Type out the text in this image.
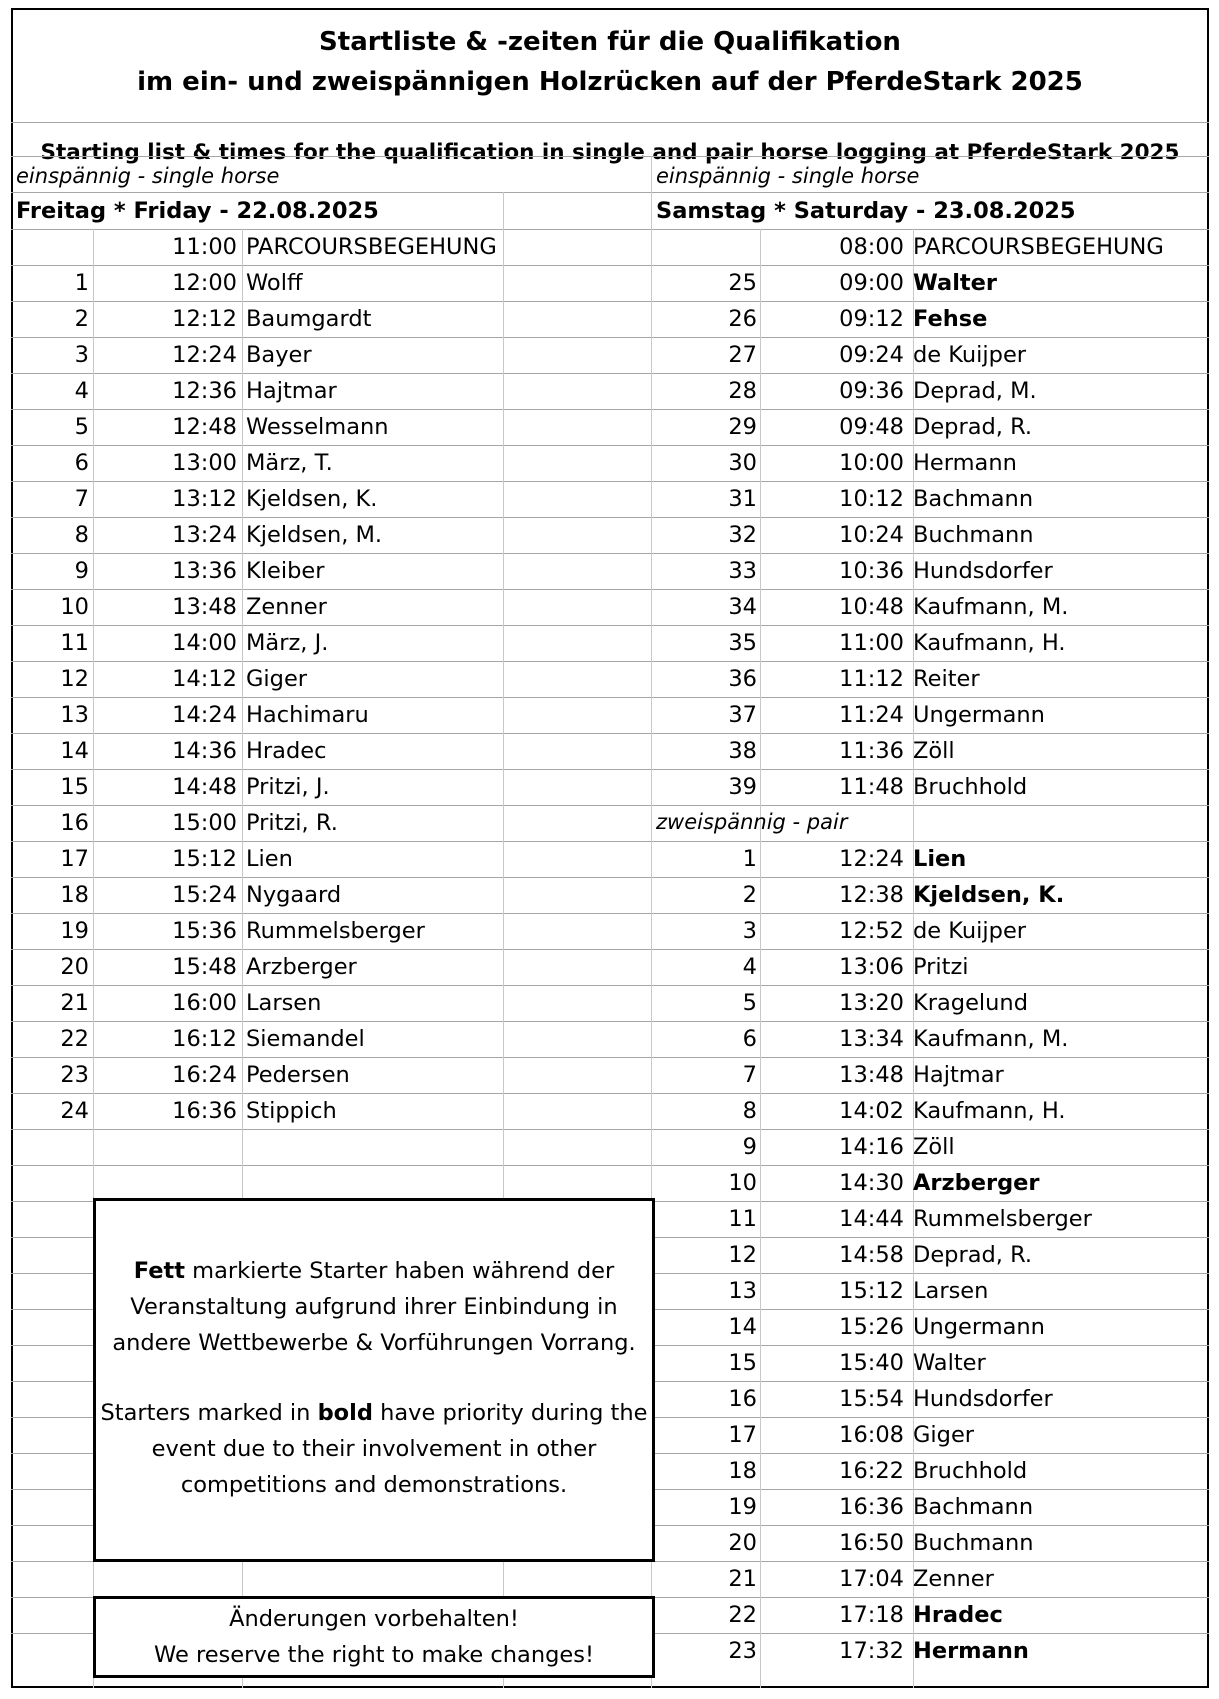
Startliste & -zeiten für die Qualifikation
im ein- und zweispännigen Holzrücken auf der PferdeStark 2025
Starting list & times for the qualification in single and pair horse logging at PferdeStark 2025
einspännig - single horse
Freitag * Friday - 22.08.2025
einspännig - single horse
Samstag * Saturday - 23.08.2025
11:00 PARCOURSBEGEHUNG	08:00 PARCOURSBEGEHUNG
1	12:00 Wolff
2	12:12 Baumgardt
3	12:24 Bayer
4	12:36 Hajtmar
5	12:48 Wesselmann
6	13:00 März, T.
7	13:12 Kjeldsen, K.
8	13:24 Kjeldsen, M.
9	13:36 Kleiber
10	13:48 Zenner
11	14:00 März, J.
12	14:12 Giger
13	14:24 Hachimaru
14	14:36 Hradec
15	14:48 Pritzi, J.
16	15:00 Pritzi, R.
17	15:12 Lien
18	15:24 Nygaard
19	15:36 Rummelsberger
20	15:48 Arzberger
21	16:00 Larsen
22	16:12 Siemandel
23	16:24 Pedersen
24	16:36 Stippich
25	09:00 Walter
26	09:12 Fehse
27	09:24 de Kuijper
28	09:36 Deprad, M.
29	09:48 Deprad, R.
30	10:00 Hermann
31	10:12 Bachmann
32	10:24 Buchmann
33	10:36 Hundsdorfer
34	10:48 Kaufmann, M.
35	11:00 Kaufmann, H.
36	11:12 Reiter
37	11:24 Ungermann
38	11:36 Zöll
39	11:48 Bruchhold
zweispännig - pair
1	12:24 Lien
2	12:38 Kjeldsen, K.
3	12:52 de Kuijper
4	13:06 Pritzi
5	13:20 Kragelund
6	13:34 Kaufmann, M.
7	13:48 Hajtmar
8	14:02 Kaufmann, H.
9	14:16 Zöll
10	14:30 Arzberger
11	14:44 Rummelsberger
12	14:58 Deprad, R.
13	15:12 Larsen
14	15:26 Ungermann
15	15:40 Walter
16	15:54 Hundsdorfer
17	16:08 Giger
18	16:22 Bruchhold
19	16:36 Bachmann
20	16:50 Buchmann
21	17:04 Zenner
22	17:18 Hradec
23	17:32 Hermann
Fett markierte Starter haben während der
Veranstaltung aufgrund ihrer Einbindung in
andere Wettbewerbe & Vorführungen Vorrang.
Starters marked in bold have priority during the
event due to their involvement in other
competitions and demonstrations.
Änderungen vorbehalten!
We reserve the right to make changes!
